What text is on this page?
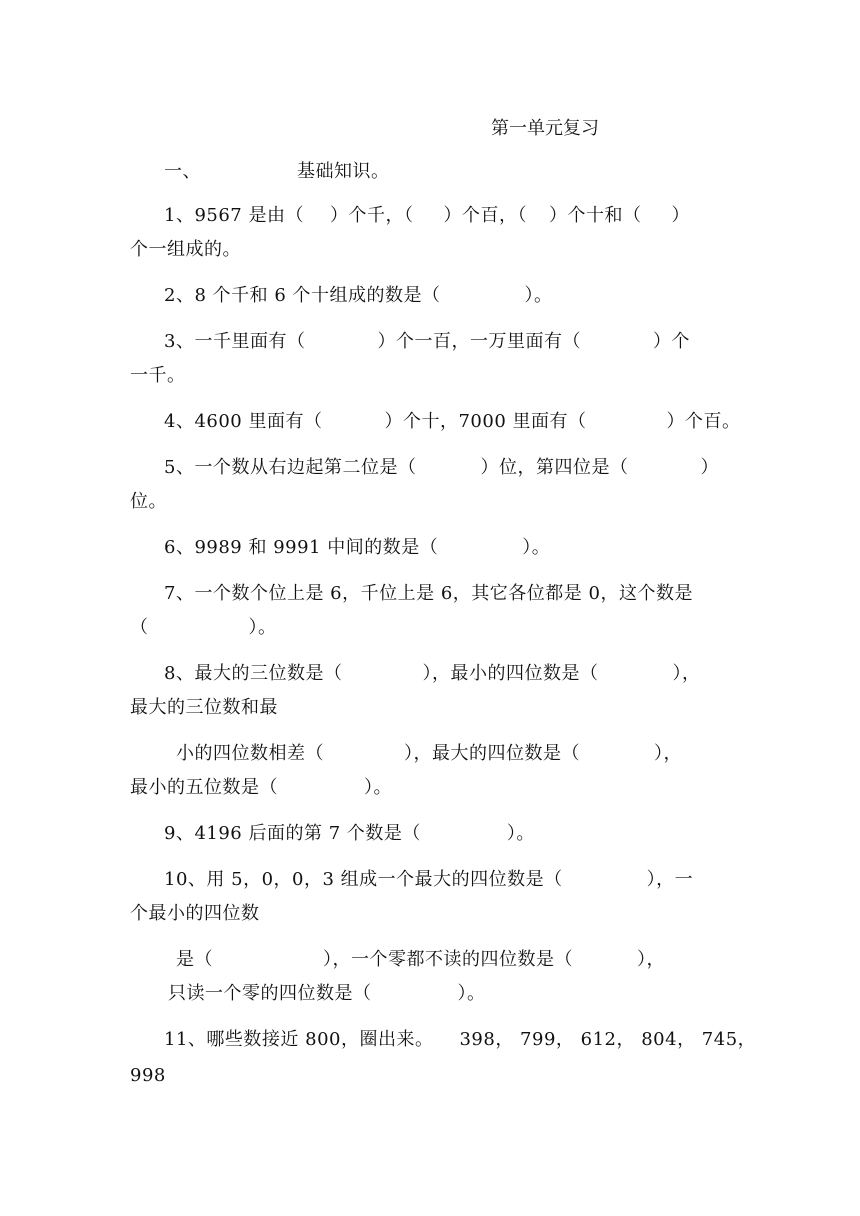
第一单元复习
一、	基础知识。
1、9567 是由（ ）个千，（ ）个百，（ ）个十和（ ）
个一组成的。
2、8 个千和 6 个十组成的数是（	）。
3、一千里面有（	）个一百，一万里面有（	）个
一千。
4、4600 里面有（	）个十，7000 里面有（	）个百。
5、一个数从右边起第二位是（	）位，第四位是（	）
位。
6、9989 和 9991 中间的数是（	）。
7、一个数个位上是 6，千位上是 6，其它各位都是 0，这个数是
（	）。
8、最大的三位数是（	），最小的四位数是（	），
最大的三位数和最
小的四位数相差（	），最大的四位数是（	），
最小的五位数是（	）。
9、4196 后面的第 7 个数是（	）。
10、用 5，0，0，3 组成一个最大的四位数是（	），一
个最小的四位数
是（	），一个零都不读的四位数是（	），
只读一个零的四位数是（	）。
11、哪些数接近 800，圈出来。 398， 799， 612， 804， 745，
998
